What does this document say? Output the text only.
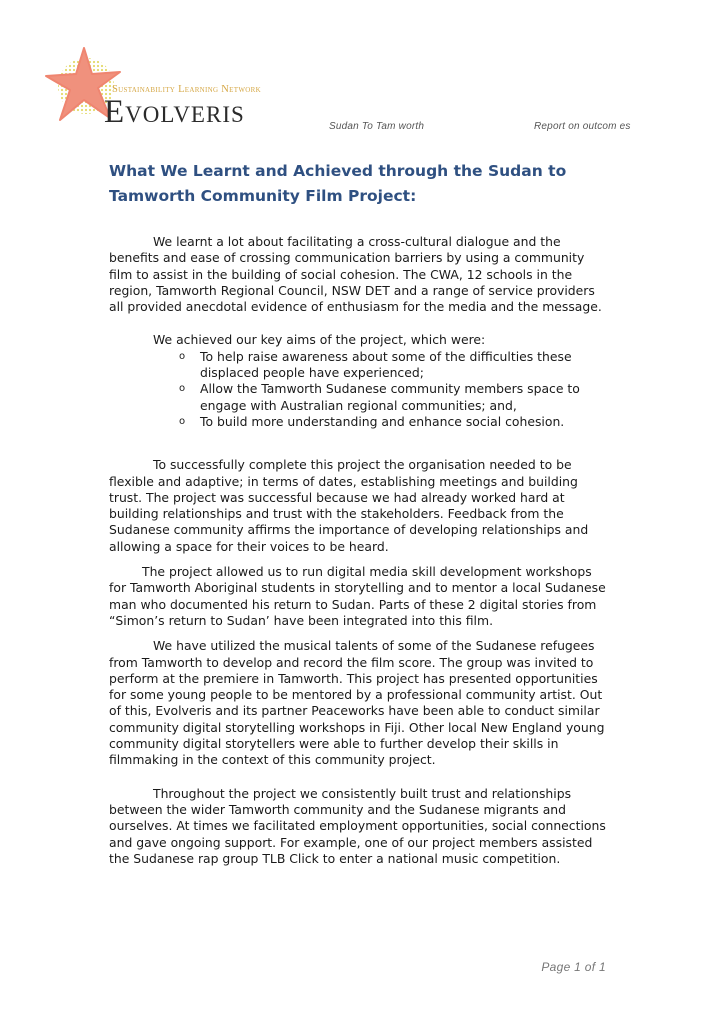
Sustainability Learning Network
Evolveris	Sudan To Tam worth	Report on outcom es
What We Learnt and Achieved through the Sudan to Tamworth Community Film Project:

We learnt a lot about facilitating a cross-cultural dialogue and the benefits and ease of crossing communication barriers by using a community film to assist in the building of social cohesion. The CWA, 12 schools in the region, Tamworth Regional Council, NSW DET and a range of service providers all provided anecdotal evidence of enthusiasm for the media and the message.

We achieved our key aims of the project, which were:

o To help raise awareness about some of the difficulties these displaced people have experienced;
o Allow the Tamworth Sudanese community members space to engage with Australian regional communities; and,
o To build more understanding and enhance social cohesion.

To successfully complete this project the organisation needed to be flexible and adaptive; in terms of dates, establishing meetings and building trust. The project was successful because we had already worked hard at building relationships and trust with the stakeholders. Feedback from the Sudanese community affirms the importance of developing relationships and allowing a space for their voices to be heard.

The project allowed us to run digital media skill development workshops for Tamworth Aboriginal students in storytelling and to mentor a local Sudanese man who documented his return to Sudan. Parts of these 2 digital stories from “Simon’s return to Sudan’ have been integrated into this film.

We have utilized the musical talents of some of the Sudanese refugees from Tamworth to develop and record the film score. The group was invited to perform at the premiere in Tamworth. This project has presented opportunities for some young people to be mentored by a professional community artist. Out of this, Evolveris and its partner Peaceworks have been able to conduct similar community digital storytelling workshops in Fiji. Other local New England young community digital storytellers were able to further develop their skills in filmmaking in the context of this community project.

Throughout the project we consistently built trust and relationships between the wider Tamworth community and the Sudanese migrants and ourselves. At times we facilitated employment opportunities, social connections and gave ongoing support. For example, one of our project members assisted the Sudanese rap group TLB Click to enter a national music competition.

Page 1 of 1
